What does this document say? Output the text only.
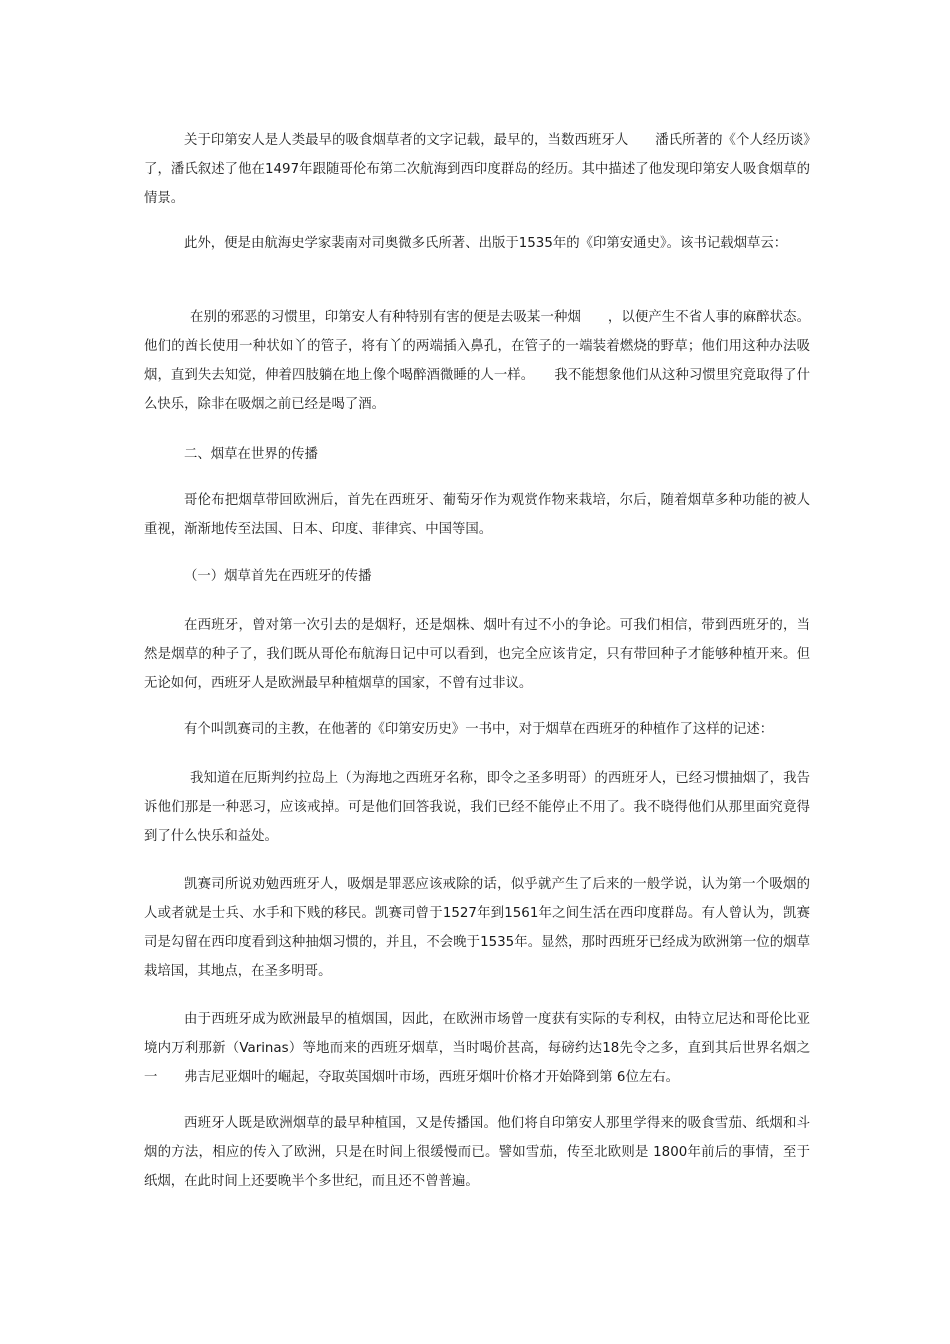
关于印第安人是人类最早的吸食烟草者的文字记载，最早的，当数西班牙人　　潘氏所著的《个人经历谈》了，潘氏叙述了他在1497年跟随哥伦布第二次航海到西印度群岛的经历。其中描述了他发现印第安人吸食烟草的情景。

此外，便是由航海史学家裴南对司奥微多氏所著、出版于1535年的《印第安通史》。该书记载烟草云：

在别的邪恶的习惯里，印第安人有种特别有害的便是去吸某一种烟　　，以便产生不省人事的麻醉状态。他们的酋长使用一种状如丫的管子，将有丫的两端插入鼻孔，在管子的一端装着燃烧的野草；他们用这种办法吸烟，直到失去知觉，伸着四肢躺在地上像个喝醉酒微睡的人一样。　　我不能想象他们从这种习惯里究竟取得了什么快乐，除非在吸烟之前已经是喝了酒。

二、烟草在世界的传播

哥伦布把烟草带回欧洲后，首先在西班牙、葡萄牙作为观赏作物来栽培，尔后，随着烟草多种功能的被人重视，渐渐地传至法国、日本、印度、菲律宾、中国等国。

（一）烟草首先在西班牙的传播

在西班牙，曾对第一次引去的是烟籽，还是烟株、烟叶有过不小的争论。可我们相信，带到西班牙的，当然是烟草的种子了，我们既从哥伦布航海日记中可以看到，也完全应该肯定，只有带回种子才能够种植开来。但无论如何，西班牙人是欧洲最早种植烟草的国家，不曾有过非议。

有个叫凯赛司的主教，在他著的《印第安历史》一书中，对于烟草在西班牙的种植作了这样的记述：

我知道在厄斯判约拉岛上（为海地之西班牙名称，即令之圣多明哥）的西班牙人，已经习惯抽烟了，我告诉他们那是一种恶习，应该戒掉。可是他们回答我说，我们已经不能停止不用了。我不晓得他们从那里面究竟得到了什么快乐和益处。

凯赛司所说劝勉西班牙人，吸烟是罪恶应该戒除的话，似乎就产生了后来的一般学说，认为第一个吸烟的人或者就是士兵、水手和下贱的移民。凯赛司曾于1527年到1561年之间生活在西印度群岛。有人曾认为，凯赛司是勾留在西印度看到这种抽烟习惯的，并且，不会晚于1535年。显然，那时西班牙已经成为欧洲第一位的烟草栽培国，其地点，在圣多明哥。

由于西班牙成为欧洲最早的植烟国，因此，在欧洲市场曾一度获有实际的专利权，由特立尼达和哥伦比亚境内万利那新（Varinas）等地而来的西班牙烟草，当时喝价甚高，每磅约达18先令之多，直到其后世界名烟之一　　弗吉尼亚烟叶的崛起，夺取英国烟叶市场，西班牙烟叶价格才开始降到第 6位左右。

西班牙人既是欧洲烟草的最早种植国，又是传播国。他们将自印第安人那里学得来的吸食雪茄、纸烟和斗烟的方法，相应的传入了欧洲，只是在时间上很缓慢而已。譬如雪茄，传至北欧则是 1800年前后的事情，至于纸烟，在此时间上还要晚半个多世纪，而且还不曾普遍。
